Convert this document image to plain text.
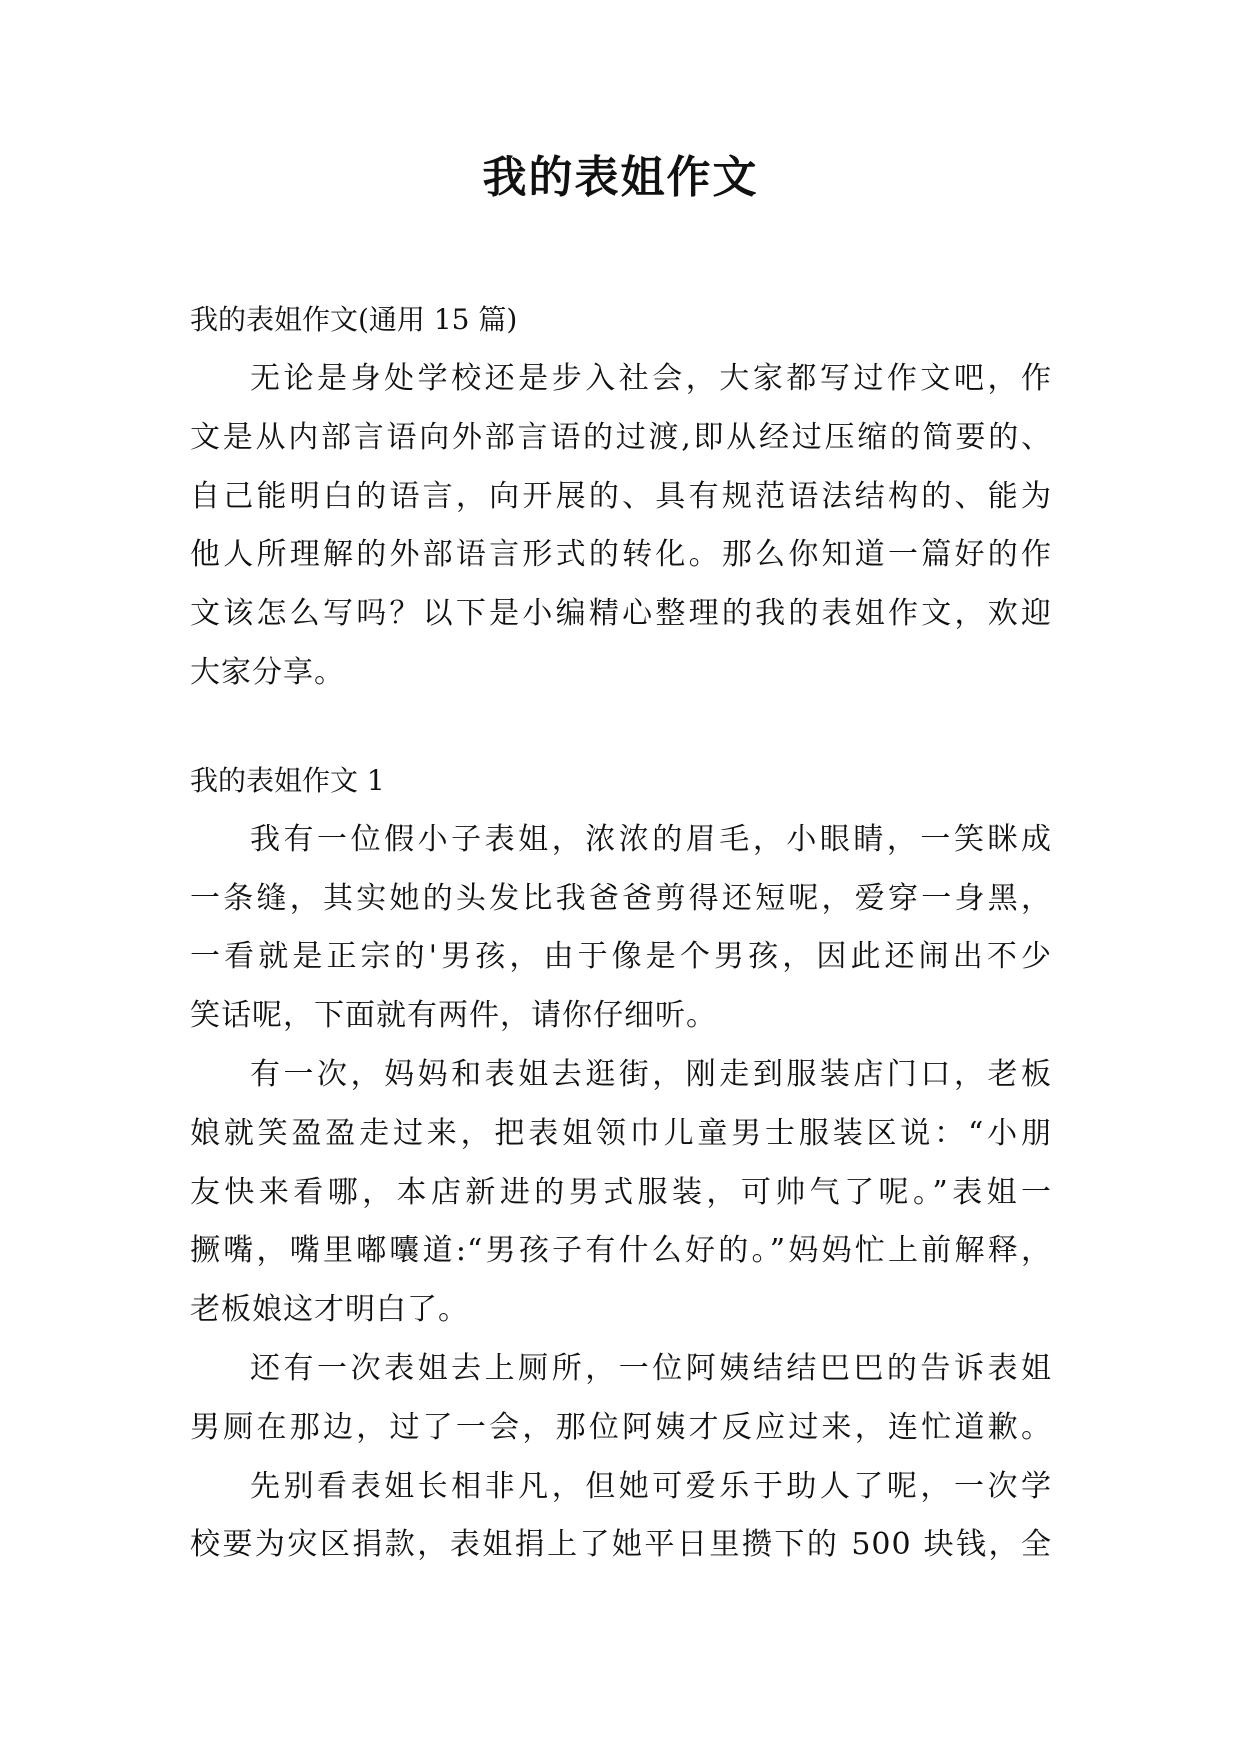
我的表姐作文

我的表姐作文(通用 15 篇)

无论是身处学校还是步入社会，大家都写过作文吧，作
文是从内部言语向外部言语的过渡,即从经过压缩的简要的、
自己能明白的语言，向开展的、具有规范语法结构的、能为
他人所理解的外部语言形式的转化。那么你知道一篇好的作
文该怎么写吗？以下是小编精心整理的我的表姐作文，欢迎
大家分享。

我的表姐作文 1

我有一位假小子表姐，浓浓的眉毛，小眼睛，一笑眯成
一条缝，其实她的头发比我爸爸剪得还短呢，爱穿一身黑，
一看就是正宗的'男孩，由于像是个男孩，因此还闹出不少
笑话呢，下面就有两件，请你仔细听。

有一次，妈妈和表姐去逛街，刚走到服装店门口，老板
娘就笑盈盈走过来，把表姐领巾儿童男士服装区说：“小朋
友快来看哪，本店新进的男式服装，可帅气了呢。”表姐一
撅嘴，嘴里嘟囔道:“男孩子有什么好的。”妈妈忙上前解释，
老板娘这才明白了。

还有一次表姐去上厕所，一位阿姨结结巴巴的告诉表姐
男厕在那边，过了一会，那位阿姨才反应过来，连忙道歉。

先别看表姐长相非凡，但她可爱乐于助人了呢，一次学
校要为灾区捐款，表姐捐上了她平日里攒下的 500 块钱，全
